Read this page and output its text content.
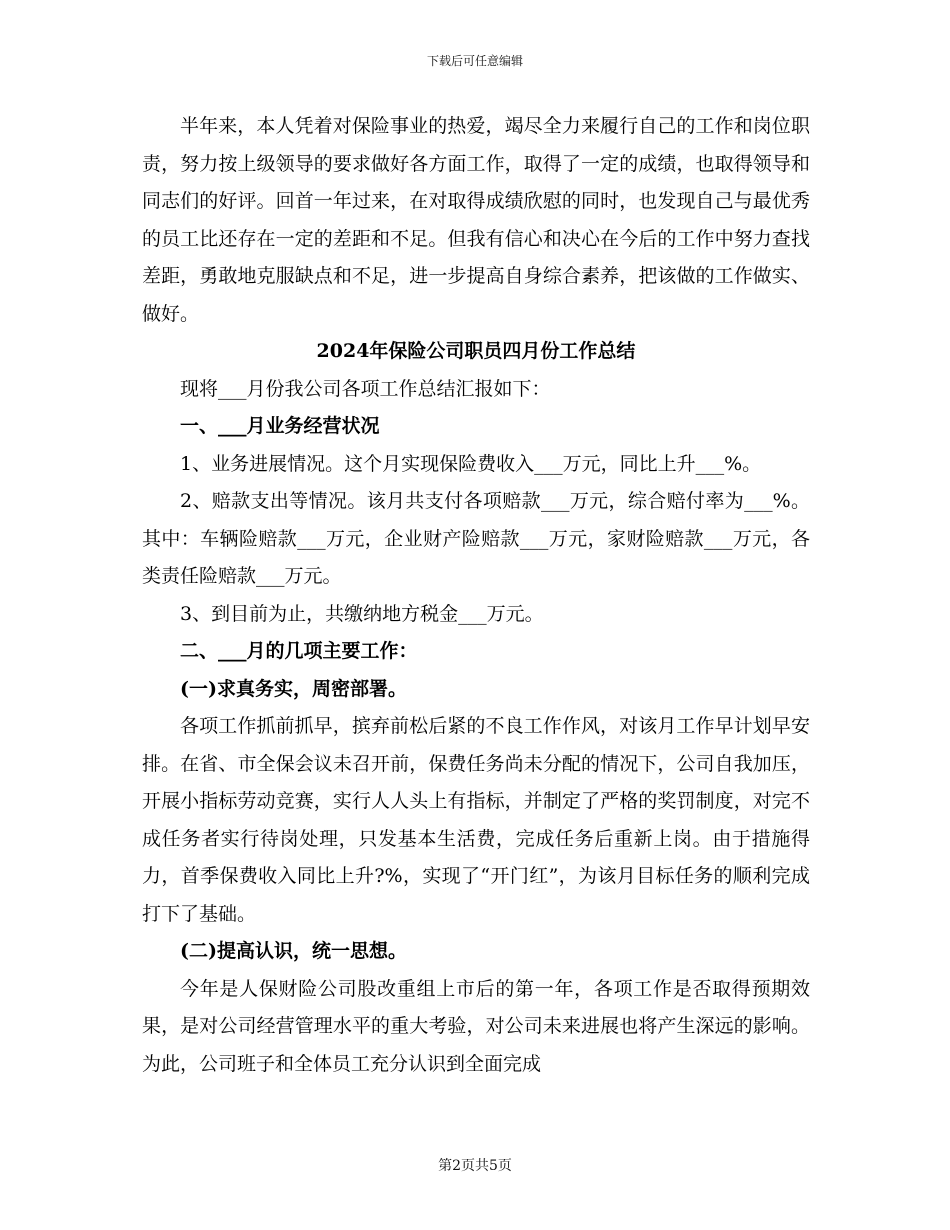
下载后可任意编辑

半年来，本人凭着对保险事业的热爱，竭尽全力来履行自己的工作和岗位职责，努力按上级领导的要求做好各方面工作，取得了一定的成绩，也取得领导和同志们的好评。回首一年过来，在对取得成绩欣慰的同时，也发现自己与最优秀的员工比还存在一定的差距和不足。但我有信心和决心在今后的工作中努力查找差距，勇敢地克服缺点和不足，进一步提高自身综合素养，把该做的工作做实、做好。

2024年保险公司职员四月份工作总结

现将___月份我公司各项工作总结汇报如下：

一、___月业务经营状况

1、业务进展情况。这个月实现保险费收入___万元，同比上升___%。

2、赔款支出等情况。该月共支付各项赔款___万元，综合赔付率为___%。其中：车辆险赔款___万元，企业财产险赔款___万元，家财险赔款___万元，各类责任险赔款___万元。

3、到目前为止，共缴纳地方税金___万元。

二、___月的几项主要工作：

(一)求真务实，周密部署。

各项工作抓前抓早，摈弃前松后紧的不良工作作风，对该月工作早计划早安排。在省、市全保会议未召开前，保费任务尚未分配的情况下，公司自我加压，开展小指标劳动竞赛，实行人人头上有指标，并制定了严格的奖罚制度，对完不成任务者实行待岗处理，只发基本生活费，完成任务后重新上岗。由于措施得力，首季保费收入同比上升?%，实现了“开门红”，为该月目标任务的顺利完成打下了基础。

(二)提高认识，统一思想。

今年是人保财险公司股改重组上市后的第一年，各项工作是否取得预期效果，是对公司经营管理水平的重大考验，对公司未来进展也将产生深远的影响。为此，公司班子和全体员工充分认识到全面完成

第2页共5页
